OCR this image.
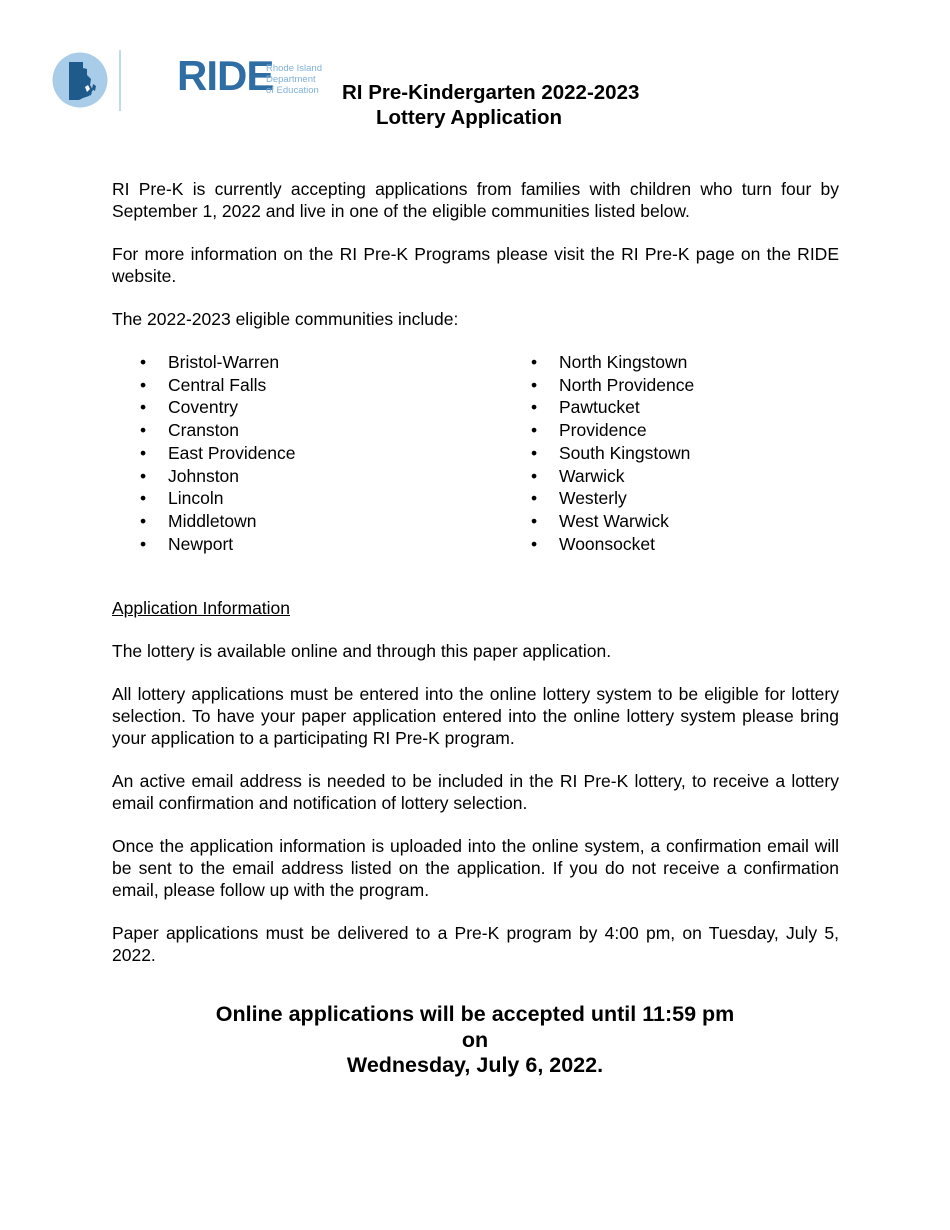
RIDE
Rhode Island
Department
of Education	RI Pre-Kindergarten 2022-2023
Lottery Application

RI Pre-K is currently accepting applications from families with children who turn four by September 1, 2022 and live in one of the eligible communities listed below.

For more information on the RI Pre-K Programs please visit the RI Pre-K page on the RIDE website.

The 2022-2023 eligible communities include:

• Bristol-Warren
• Central Falls
• Coventry
• Cranston
• East Providence
• Johnston
• Lincoln
• Middletown
• Newport
• North Kingstown
• North Providence
• Pawtucket
• Providence
• South Kingstown
• Warwick
• Westerly
• West Warwick
• Woonsocket

Application Information

The lottery is available online and through this paper application.

All lottery applications must be entered into the online lottery system to be eligible for lottery selection. To have your paper application entered into the online lottery system please bring your application to a participating RI Pre-K program.

An active email address is needed to be included in the RI Pre-K lottery, to receive a lottery email confirmation and notification of lottery selection.

Once the application information is uploaded into the online system, a confirmation email will be sent to the email address listed on the application. If you do not receive a confirmation email, please follow up with the program.

Paper applications must be delivered to a Pre-K program by 4:00 pm, on Tuesday, July 5, 2022.

Online applications will be accepted until 11:59 pm
on
Wednesday, July 6, 2022.
